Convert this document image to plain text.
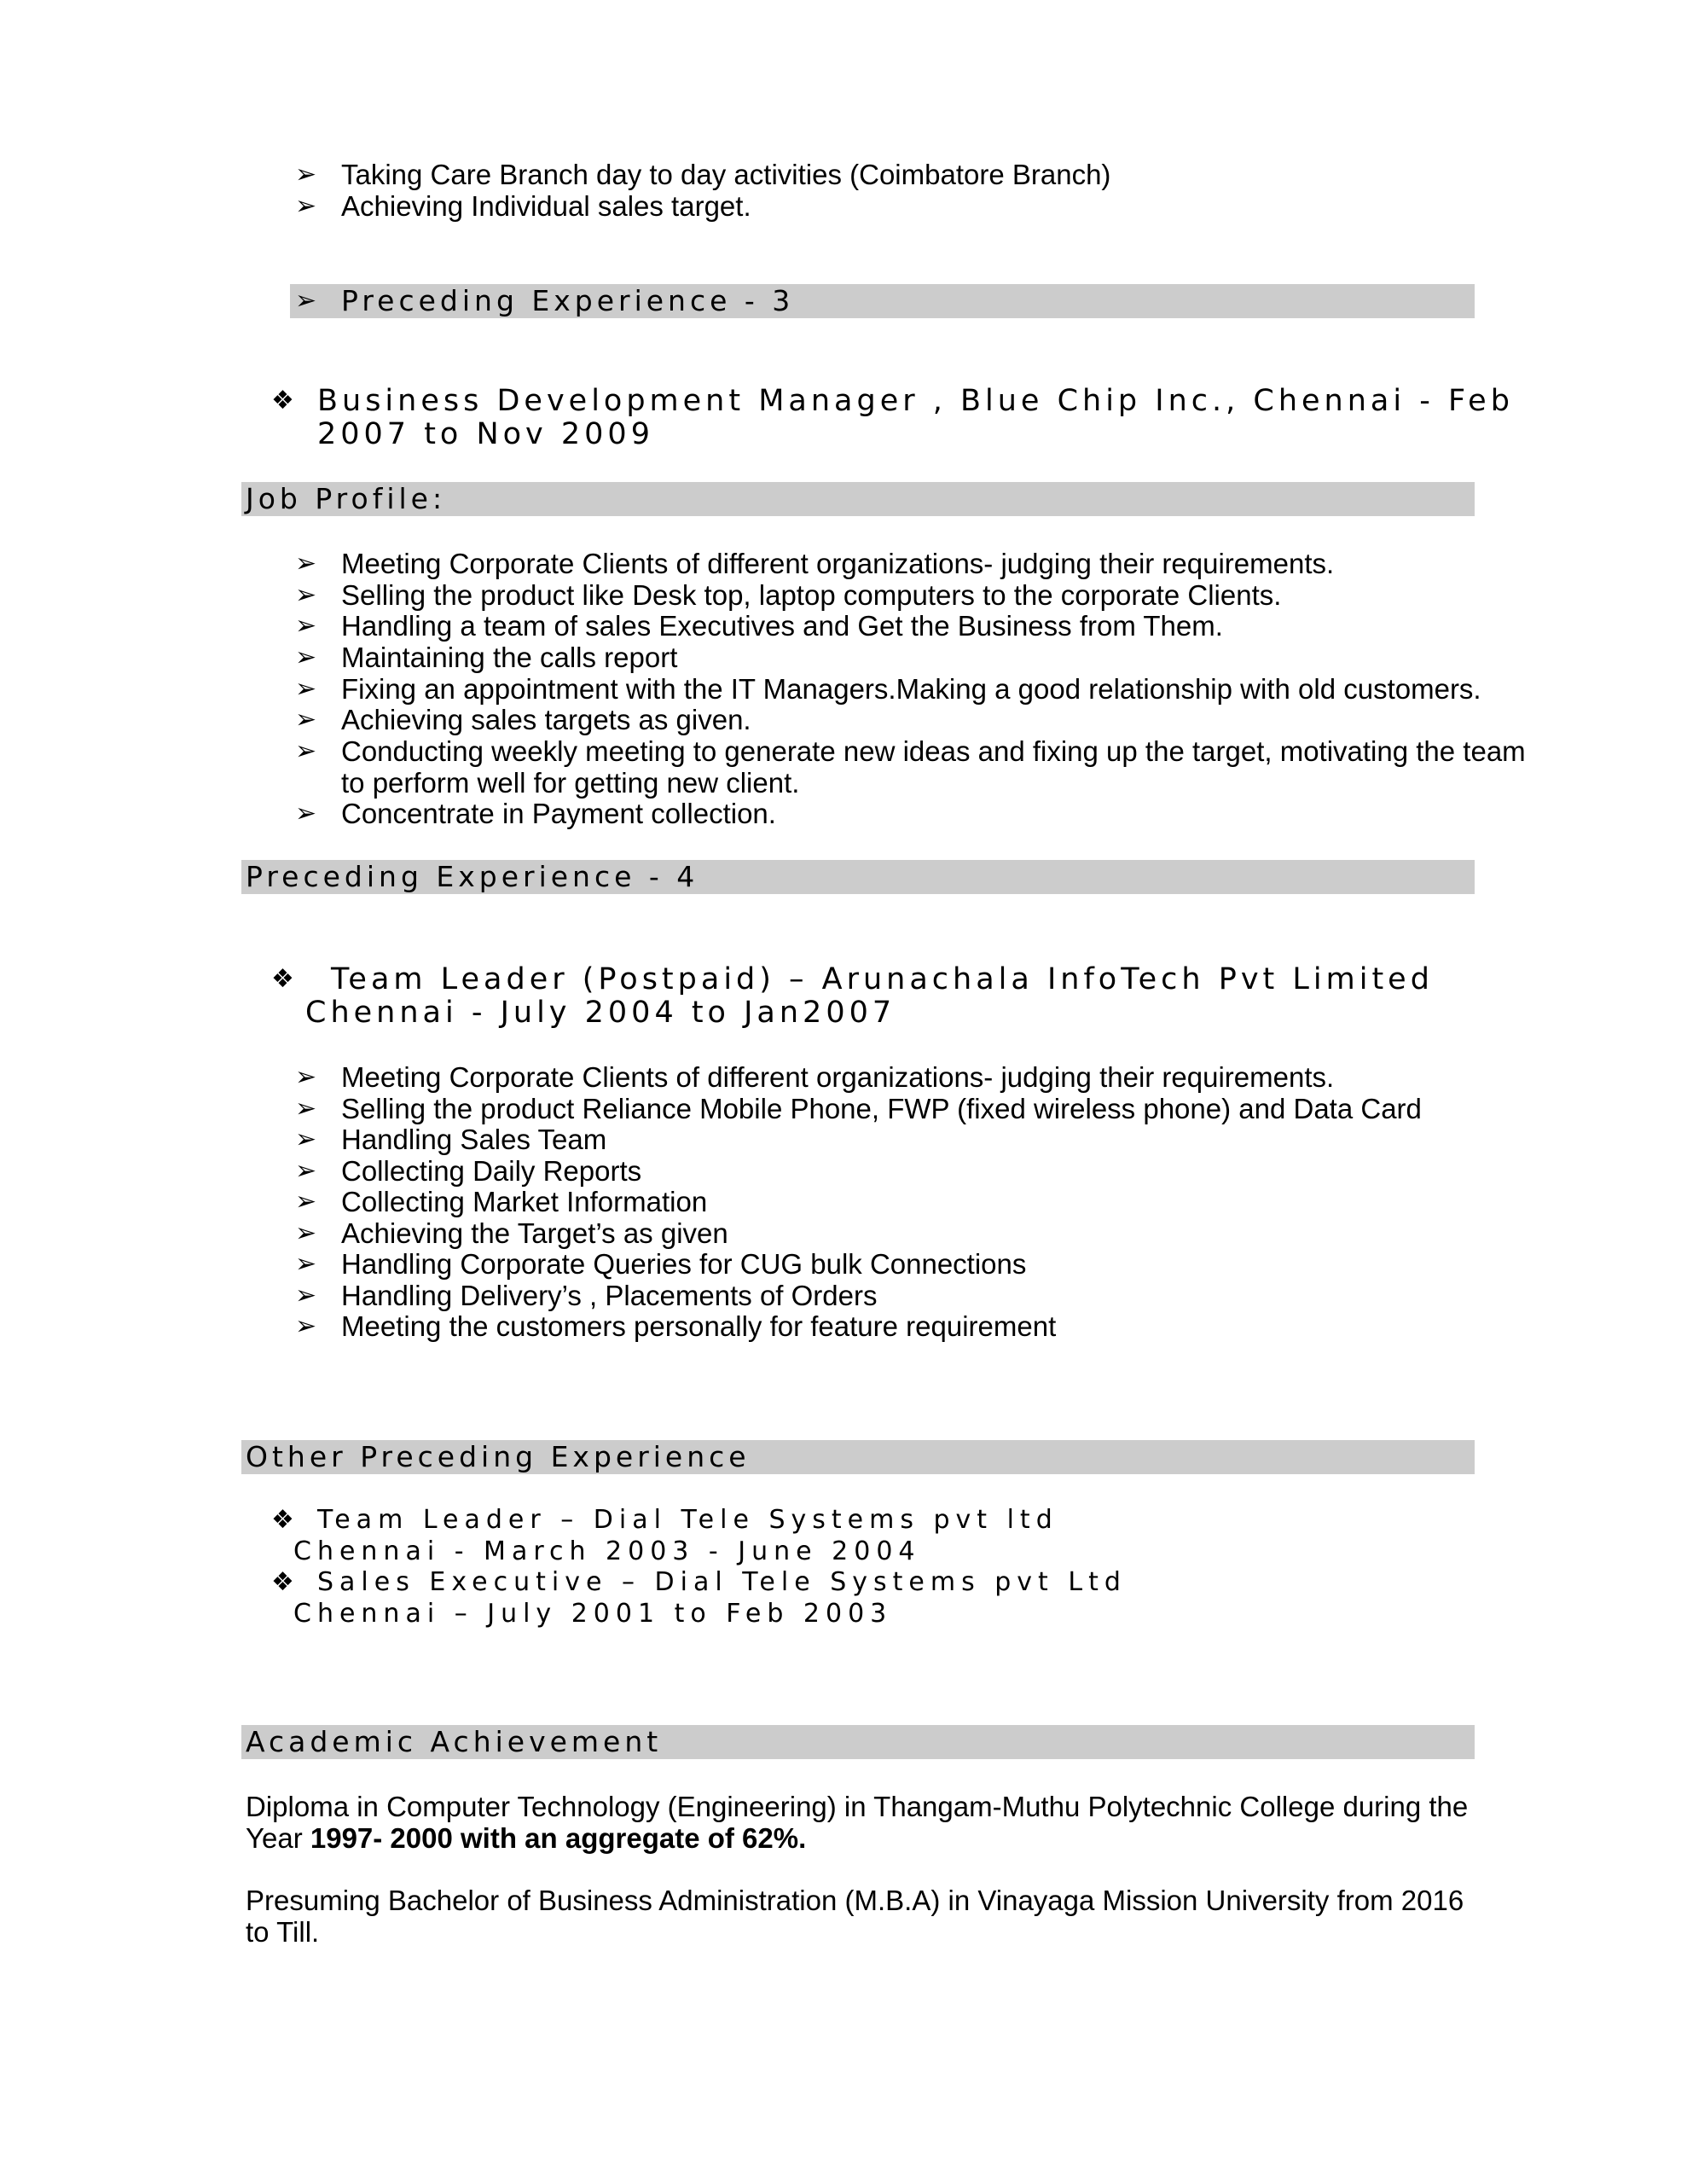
➢ Taking Care Branch day to day activities (Coimbatore Branch)
➢ Achieving Individual sales target.
➢ Preceding Experience - 3
❖ Business Development Manager , Blue Chip Inc., Chennai - Feb
2007 to Nov 2009
Job Profile:
➢ Meeting Corporate Clients of different organizations- judging their requirements.
➢ Selling the product like Desk top, laptop computers to the corporate Clients.
➢ Handling a team of sales Executives and Get the Business from Them.
➢ Maintaining the calls report
➢ Fixing an appointment with the IT Managers.Making a good relationship with old customers.
➢ Achieving sales targets as given.
➢ Conducting weekly meeting to generate new ideas and fixing up the target, motivating the team
to perform well for getting new client.
➢ Concentrate in Payment collection.
Preceding Experience - 4
❖ Team Leader (Postpaid) – Arunachala InfoTech Pvt Limited
Chennai - July 2004 to Jan2007
➢ Meeting Corporate Clients of different organizations- judging their requirements.
➢ Selling the product Reliance Mobile Phone, FWP (fixed wireless phone) and Data Card
➢ Handling Sales Team
➢ Collecting Daily Reports
➢ Collecting Market Information
➢ Achieving the Target’s as given
➢ Handling Corporate Queries for CUG bulk Connections
➢ Handling Delivery’s , Placements of Orders
➢ Meeting the customers personally for feature requirement
Other Preceding Experience
❖ Team Leader – Dial Tele Systems pvt ltd
Chennai - March 2003 - June 2004
❖ Sales Executive – Dial Tele Systems pvt Ltd
Chennai – July 2001 to Feb 2003
Academic Achievement
Diploma in Computer Technology (Engineering) in Thangam-Muthu Polytechnic College during the Year 1997- 2000 with an aggregate of 62%.
Presuming Bachelor of Business Administration (M.B.A) in Vinayaga Mission University from 2016 to Till.
